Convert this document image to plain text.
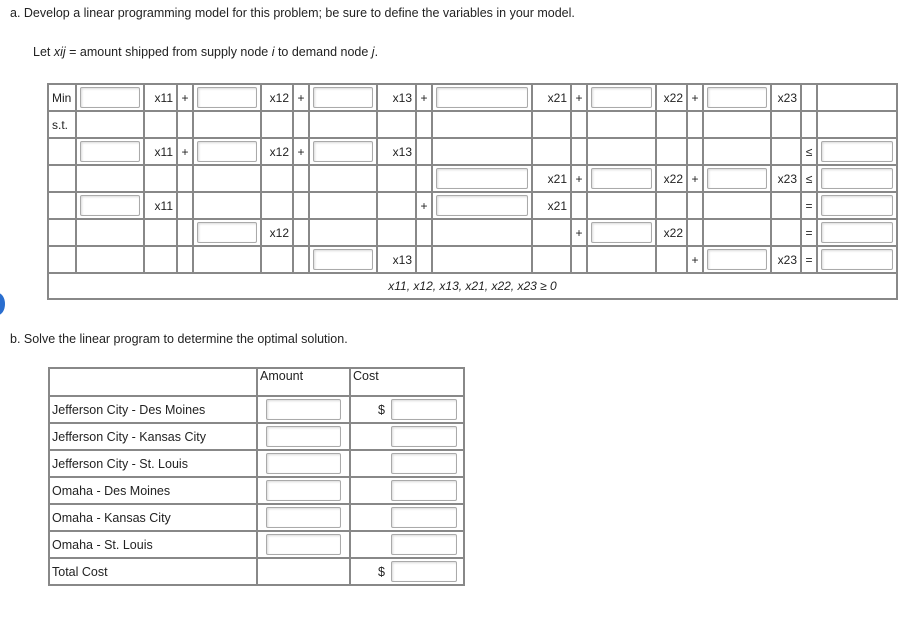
a. Develop a linear programming model for this problem; be sure to define the variables in your model.
Let xij = amount shipped from supply node i to demand node j.
Min		x11	+		x12	+		x13	+		x21	+		x22	+		x23		
s.t.																			

	x11	+		x12	+		x13										≤	

	x21	+		x22	+		x23	≤	

	x11							+		x21							=	

	x12							+		x22				=	

	x13							+		x23	=	

x11, x12, x13, x21, x22, x23 ≥ 0																			
b. Solve the linear program to determine the optimal solution.
	Amount	Cost
Jefferson City - Des Moines		$

Jefferson City - Kansas City	

Jefferson City - St. Louis	

Omaha - Des Moines	

Omaha - Kansas City	

Omaha - St. Louis	

Total Cost		$
